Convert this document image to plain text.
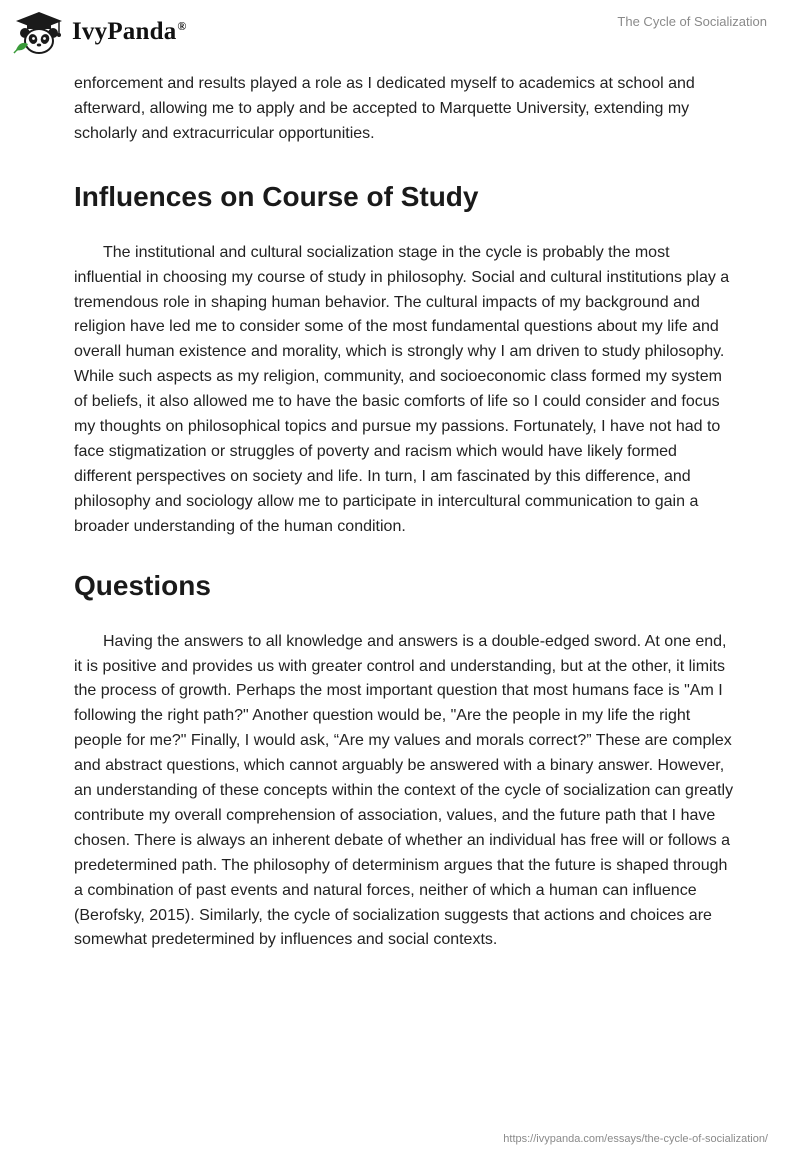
IvyPanda®	The Cycle of Socialization

enforcement and results played a role as I dedicated myself to academics at school and afterward, allowing me to apply and be accepted to Marquette University, extending my scholarly and extracurricular opportunities.

Influences on Course of Study

The institutional and cultural socialization stage in the cycle is probably the most influential in choosing my course of study in philosophy. Social and cultural institutions play a tremendous role in shaping human behavior. The cultural impacts of my background and religion have led me to consider some of the most fundamental questions about my life and overall human existence and morality, which is strongly why I am driven to study philosophy. While such aspects as my religion, community, and socioeconomic class formed my system of beliefs, it also allowed me to have the basic comforts of life so I could consider and focus my thoughts on philosophical topics and pursue my passions. Fortunately, I have not had to face stigmatization or struggles of poverty and racism which would have likely formed different perspectives on society and life. In turn, I am fascinated by this difference, and philosophy and sociology allow me to participate in intercultural communication to gain a broader understanding of the human condition.

Questions

Having the answers to all knowledge and answers is a double-edged sword. At one end, it is positive and provides us with greater control and understanding, but at the other, it limits the process of growth. Perhaps the most important question that most humans face is "Am I following the right path?" Another question would be, "Are the people in my life the right people for me?" Finally, I would ask, “Are my values and morals correct?” These are complex and abstract questions, which cannot arguably be answered with a binary answer. However, an understanding of these concepts within the context of the cycle of socialization can greatly contribute my overall comprehension of association, values, and the future path that I have chosen. There is always an inherent debate of whether an individual has free will or follows a predetermined path. The philosophy of determinism argues that the future is shaped through a combination of past events and natural forces, neither of which a human can influence (Berofsky, 2015). Similarly, the cycle of socialization suggests that actions and choices are somewhat predetermined by influences and social contexts.

https://ivypanda.com/essays/the-cycle-of-socialization/
